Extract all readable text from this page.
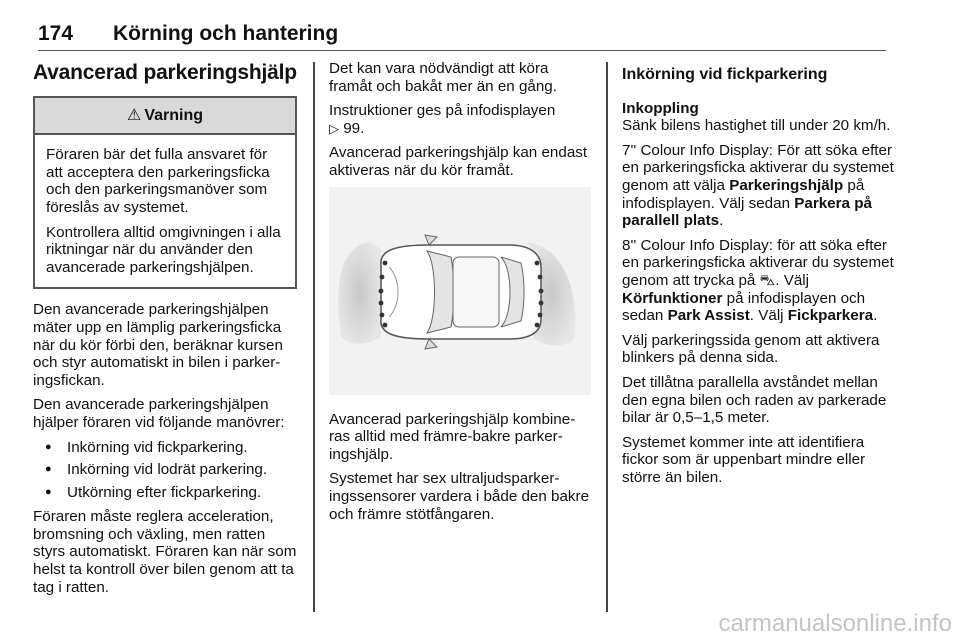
174 Körning och hantering
Avancerad parkeringshjälp
⚠ Varning

Föraren bär det fulla ansvaret för att acceptera den parkeringsficka och den parkeringsmanöver som föreslås av systemet.

Kontrollera alltid omgivningen i alla riktningar när du använder den avancerade parkeringshjälpen.

Den avancerade parkeringshjälpen mäter upp en lämplig parkeringsficka när du kör förbi den, beräknar kursen och styr automatiskt in bilen i parkeringsfickan.

Den avancerade parkeringshjälpen hjälper föraren vid följande manövrer:

● Inkörning vid fickparkering.
● Inkörning vid lodrät parkering.
● Utkörning efter fickparkering.

Föraren måste reglera acceleration, bromsning och växling, men ratten styrs automatiskt. Föraren kan när som helst ta kontroll över bilen genom att ta tag i ratten.

Det kan vara nödvändigt att köra framåt och bakåt mer än en gång.

Instruktioner ges på infodisplayen
▷ 99.

Avancerad parkeringshjälp kan endast aktiveras när du kör framåt.

Avancerad parkeringshjälp kombineras alltid med främre-bakre parkeringshjälp.

Systemet har sex ultraljudsparkeringssensorer vardera i både den bakre och främre stötfångaren.

Inkörning vid fickparkering

Inkoppling

Sänk bilens hastighet till under 20 km/h.

7'' Colour Info Display: För att söka efter en parkeringsficka aktiverar du systemet genom att välja Parkeringshjälp på infodisplayen. Välj sedan Parkera på parallell plats.

8'' Colour Info Display: för att söka efter en parkeringsficka aktiverar du systemet genom att trycka på ⛍. Välj Körfunktioner på infodisplayen och sedan Park Assist. Välj Fickparkera.

Välj parkeringssida genom att aktivera blinkers på denna sida.

Det tillåtna parallella avståndet mellan den egna bilen och raden av parkerade bilar är 0,5–1,5 meter.

Systemet kommer inte att identifiera fickor som är uppenbart mindre eller större än bilen.

carmanualsonline.info
